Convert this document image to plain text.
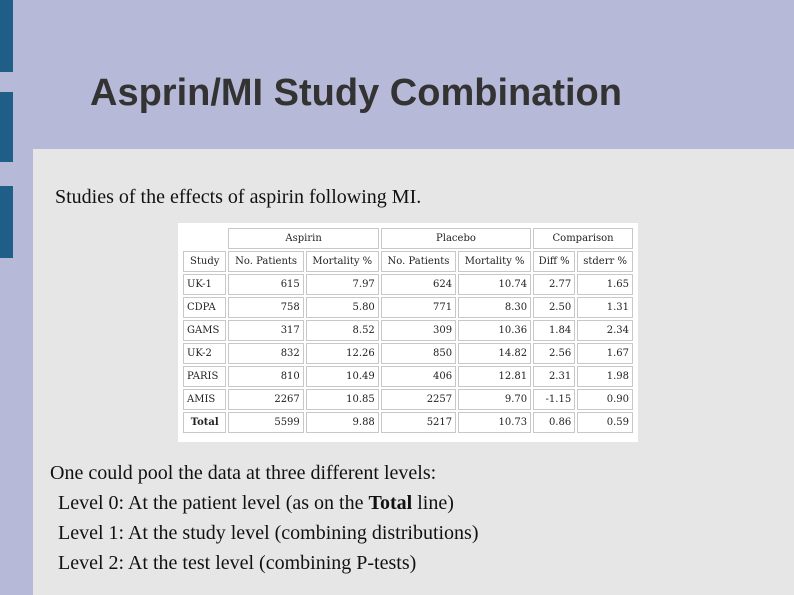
Asprin/MI Study Combination
Studies of the effects of aspirin following MI.
	Aspirin		Placebo		Comparison	
Study	No. Patients	Mortality %	No. Patients	Mortality %	Diff %	stderr %
UK-1	615	7.97	624	10.74	2.77	1.65
CDPA	758	5.80	771	8.30	2.50	1.31
GAMS	317	8.52	309	10.36	1.84	2.34
UK-2	832	12.26	850	14.82	2.56	1.67
PARIS	810	10.49	406	12.81	2.31	1.98
AMIS	2267	10.85	2257	9.70	-1.15	0.90
Total	5599	9.88	5217	10.73	0.86	0.59
One could pool the data at three different levels:
Level 0: At the patient level (as on the Total line)
Level 1: At the study level (combining distributions)
Level 2: At the test level (combining P-tests)
